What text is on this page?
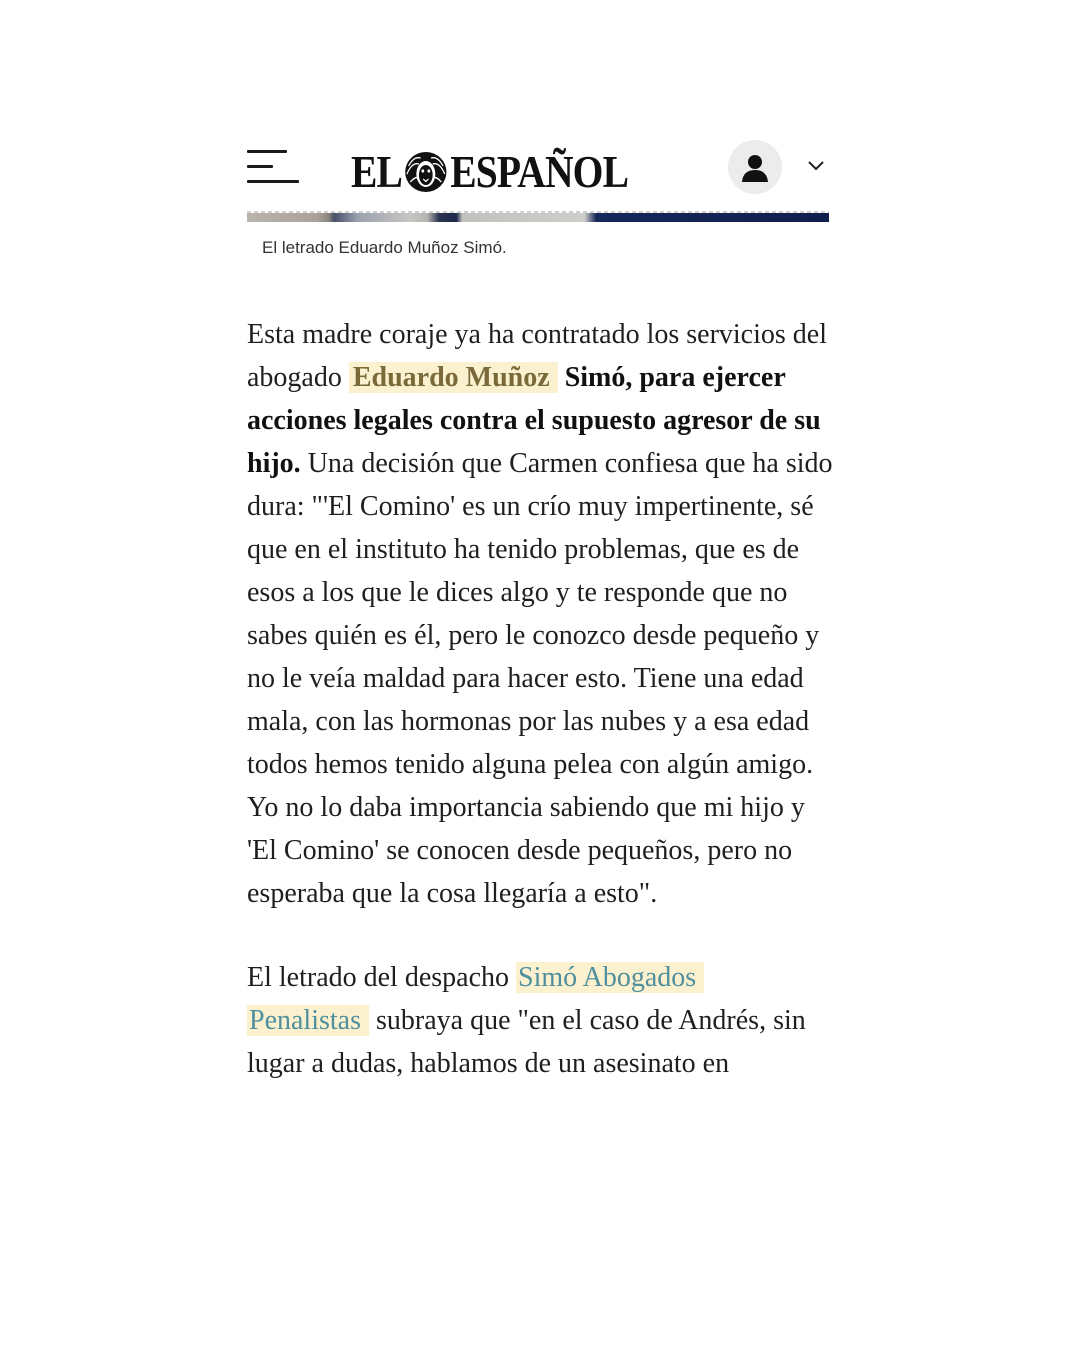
EL ESPAÑOL
El letrado Eduardo Muñoz Simó.

Esta madre coraje ya ha contratado los servicios del abogado Eduardo Muñoz Simó, para ejercer acciones legales contra el supuesto agresor de su hijo. Una decisión que Carmen confiesa que ha sido dura: "'El Comino' es un crío muy impertinente, sé que en el instituto ha tenido problemas, que es de esos a los que le dices algo y te responde que no sabes quién es él, pero le conozco desde pequeño y no le veía maldad para hacer esto. Tiene una edad mala, con las hormonas por las nubes y a esa edad todos hemos tenido alguna pelea con algún amigo. Yo no lo daba importancia sabiendo que mi hijo y 'El Comino' se conocen desde pequeños, pero no esperaba que la cosa llegaría a esto".

El letrado del despacho Simó Abogados
Penalistas subraya que "en el caso de Andrés, sin lugar a dudas, hablamos de un asesinato en
